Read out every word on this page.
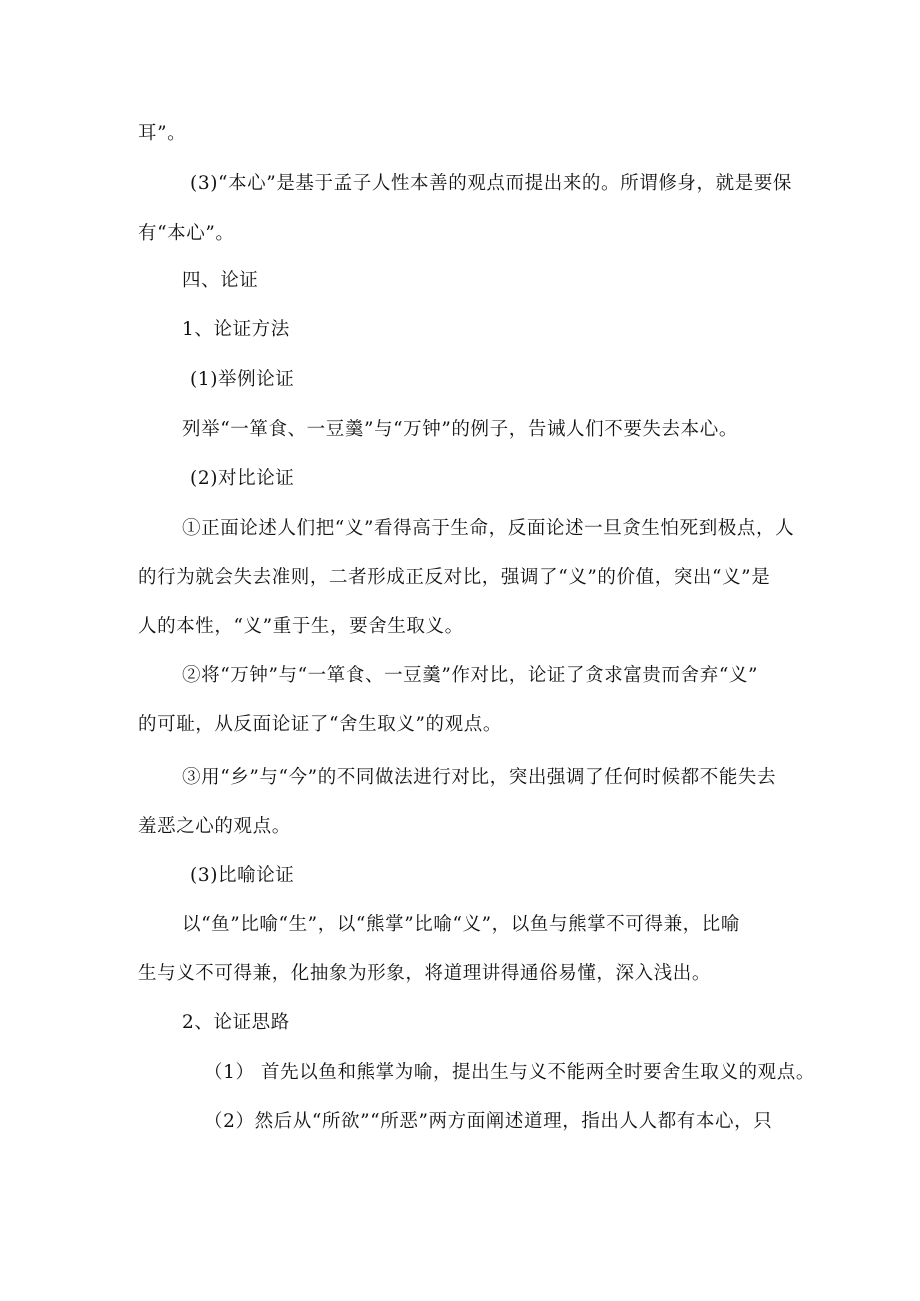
耳”。
(3)“本心”是基于孟子人性本善的观点而提出来的。所谓修身，就是要保
有“本心”。
四、论证
1、论证方法
(1)举例论证
列举“一箪食、一豆羹”与“万钟”的例子，告诫人们不要失去本心。
(2)对比论证
①正面论述人们把“义”看得高于生命，反面论述一旦贪生怕死到极点，人
的行为就会失去准则，二者形成正反对比，强调了“义”的价值，突出“义”是
人的本性，“义”重于生，要舍生取义。
②将“万钟”与“一箪食、一豆羹”作对比，论证了贪求富贵而舍弃“义”
的可耻，从反面论证了“舍生取义”的观点。
③用“乡”与“今”的不同做法进行对比，突出强调了任何时候都不能失去
羞恶之心的观点。
(3)比喻论证
以“鱼”比喻“生”，以“熊掌”比喻“义”，以鱼与熊掌不可得兼，比喻
生与义不可得兼，化抽象为形象，将道理讲得通俗易懂，深入浅出。
2、论证思路
（1） 首先以鱼和熊掌为喻，提出生与义不能两全时要舍生取义的观点。
（2）然后从“所欲”“所恶”两方面阐述道理，指出人人都有本心，只
